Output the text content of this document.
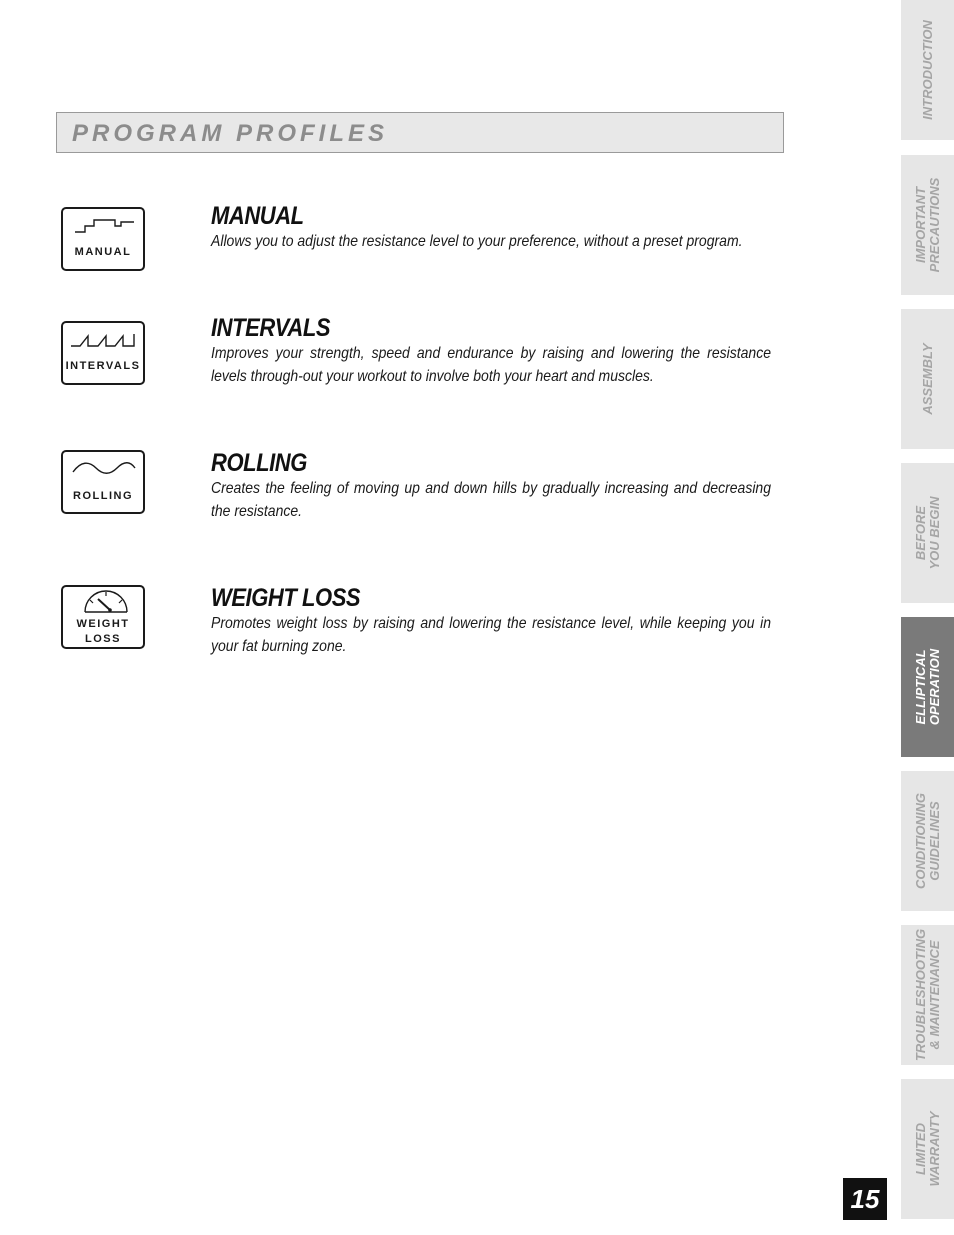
PROGRAM PROFILES
MANUAL
MANUAL
Allows you to adjust the resistance level to your preference, without a preset program.
INTERVALS
INTERVALS
Improves your strength, speed and endurance by raising and lowering the resistance levels through-out your workout to involve both your heart and muscles.
ROLLING
ROLLING
Creates the feeling of moving up and down hills by gradually increasing and decreasing the resistance.
WEIGHT
LOSS
WEIGHT LOSS
Promotes weight loss by raising and lowering the resistance level, while keeping you in your fat burning zone.
INTRODUCTION
IMPORTANT PRECAUTIONS
ASSEMBLY
BEFORE YOU BEGIN
ELLIPTICAL OPERATION
CONDITIONING GUIDELINES
TROUBLESHOOTING & MAINTENANCE
LIMITED WARRANTY
15
